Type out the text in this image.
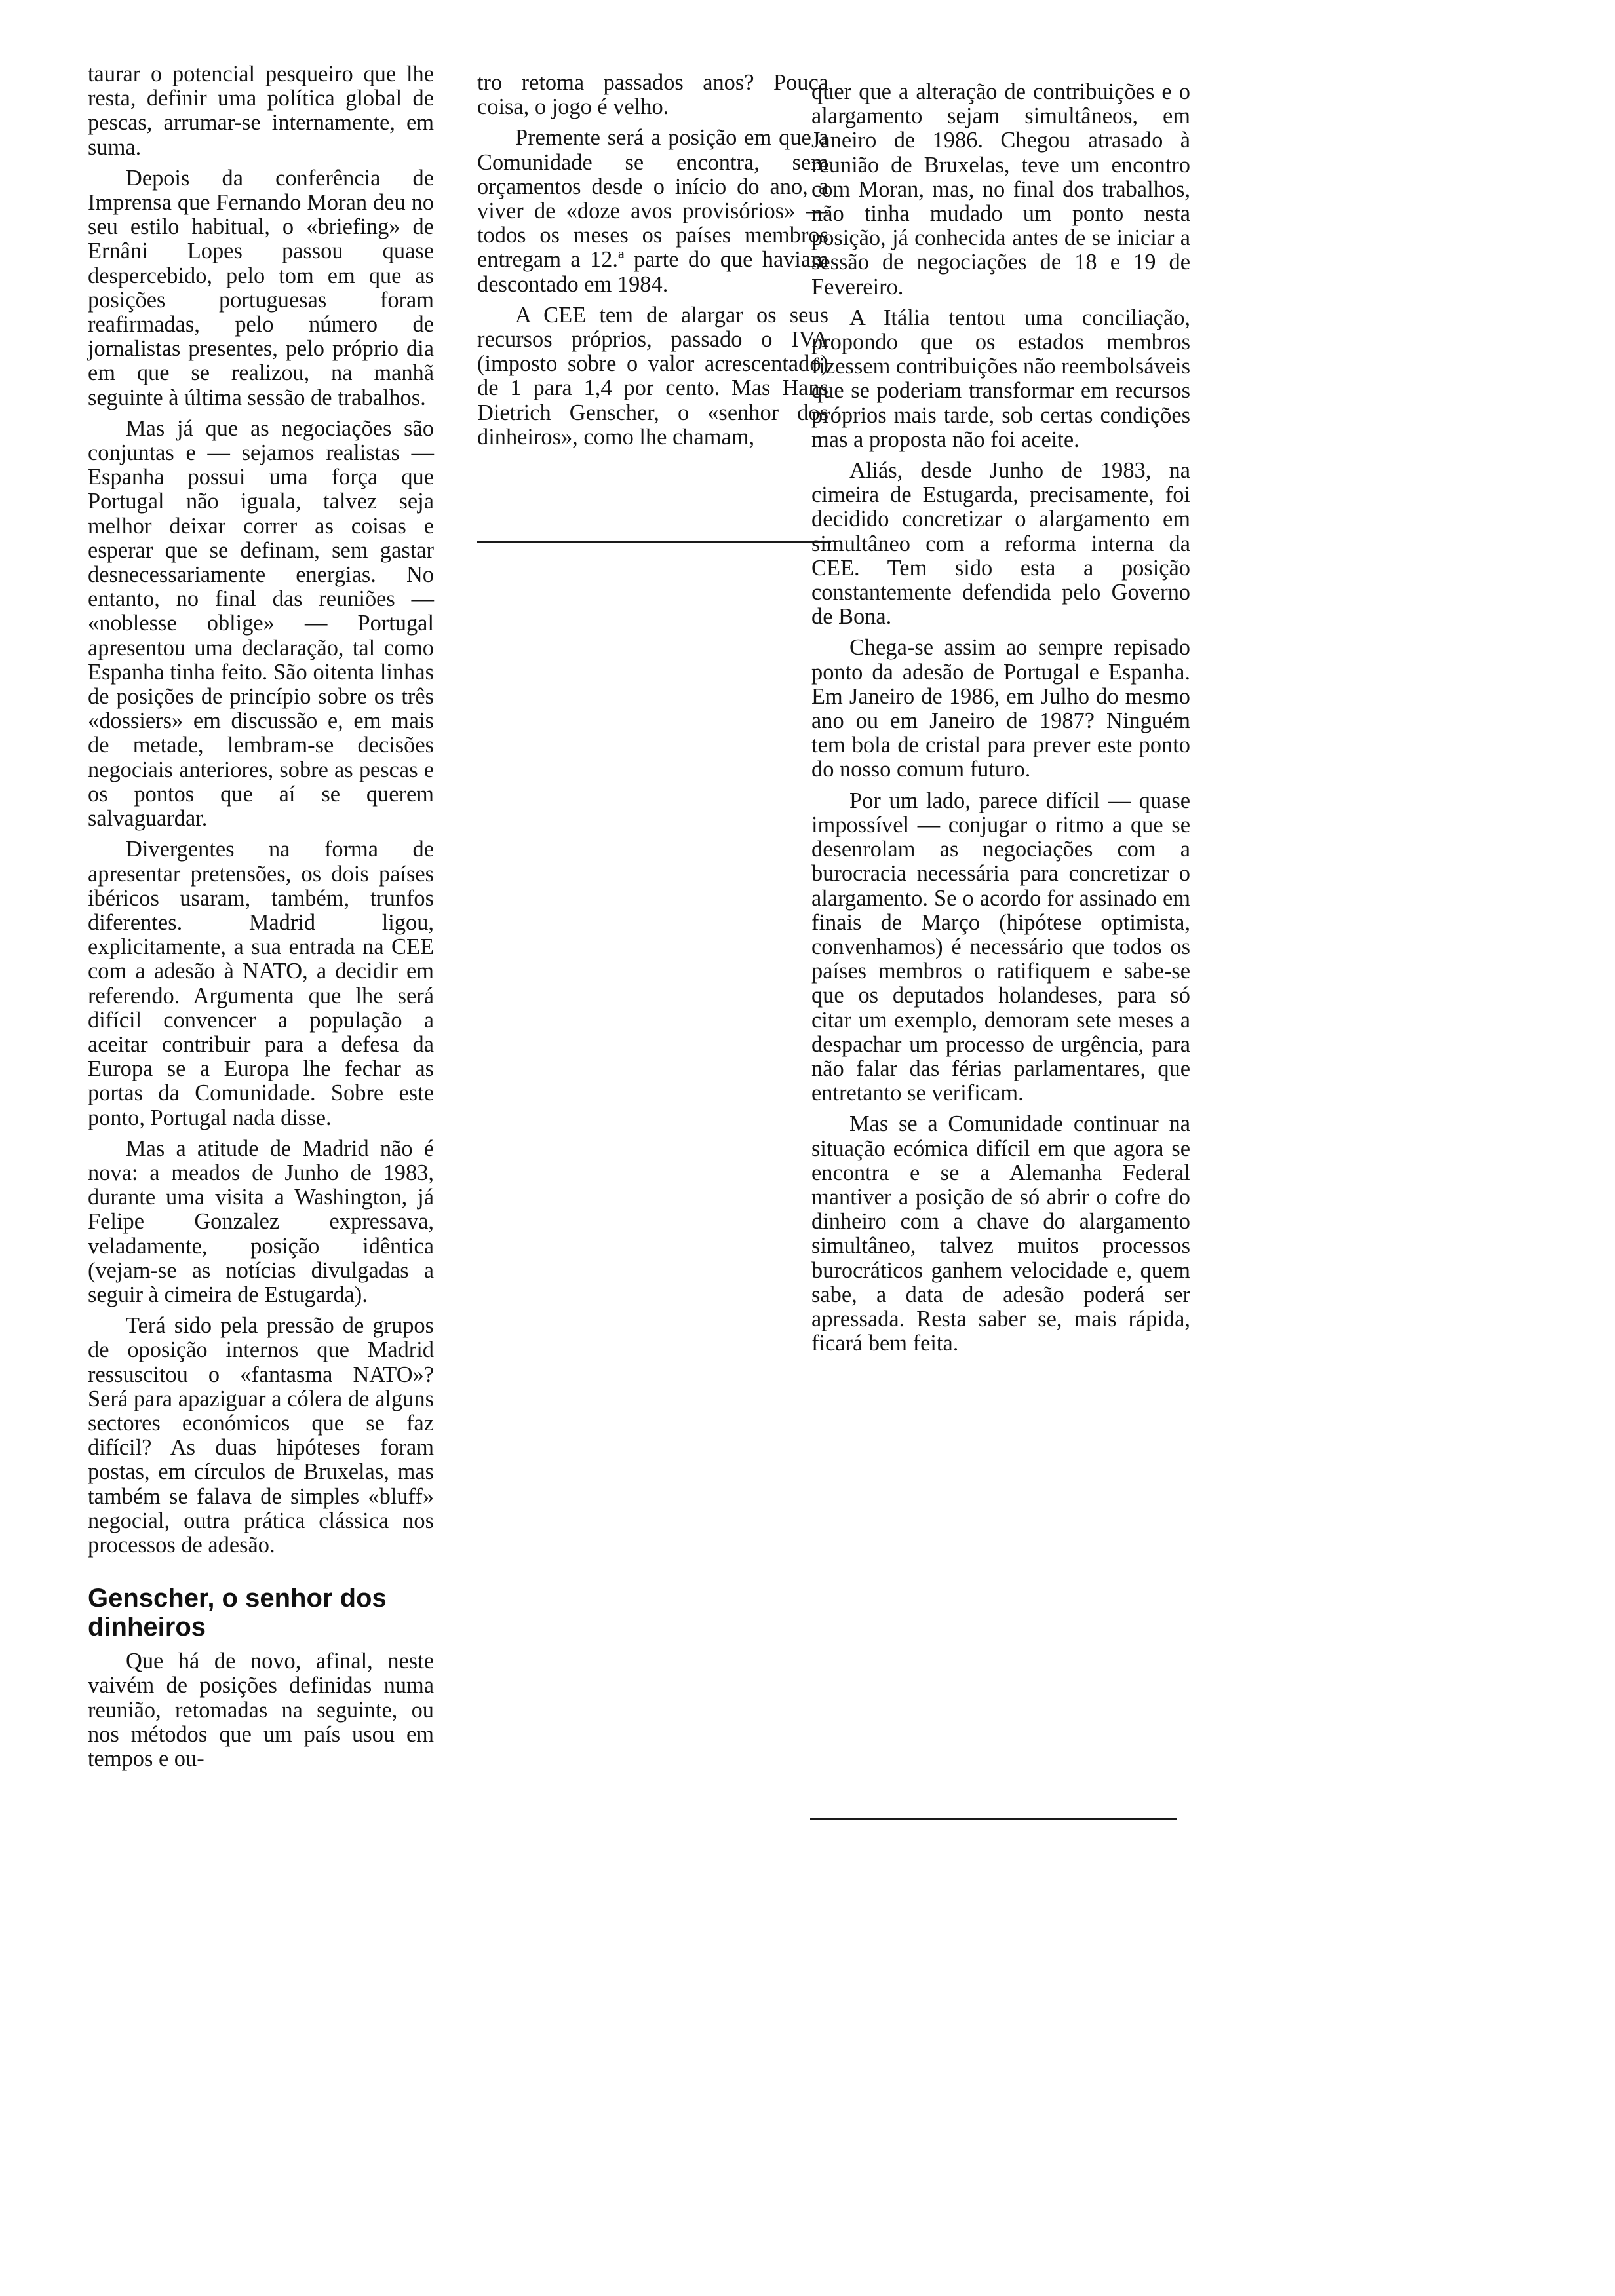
taurar o potencial pesqueiro que lhe resta, definir uma política global de pescas, arrumar-se internamente, em suma.

Depois da conferência de Imprensa que Fernando Moran deu no seu estilo habitual, o «briefing» de Ernâni Lopes passou quase despercebido, pelo tom em que as posições portuguesas foram reafirmadas, pelo número de jornalistas presentes, pelo próprio dia em que se realizou, na manhã seguinte à última sessão de trabalhos.

Mas já que as negociações são conjuntas e — sejamos realistas — Espanha possui uma força que Portugal não iguala, talvez seja melhor deixar correr as coisas e esperar que se definam, sem gastar desnecessariamente energias. No entanto, no final das reuniões — «noblesse oblige» — Portugal apresentou uma declaração, tal como Espanha tinha feito. São oitenta linhas de posições de princípio sobre os três «dossiers» em discussão e, em mais de metade, lembram-se decisões negociais anteriores, sobre as pescas e os pontos que aí se querem salvaguardar.

Divergentes na forma de apresentar pretensões, os dois países ibéricos usaram, também, trunfos diferentes. Madrid ligou, explicitamente, a sua entrada na CEE com a adesão à NATO, a decidir em referendo. Argumenta que lhe será difícil convencer a população a aceitar contribuir para a defesa da Europa se a Europa lhe fechar as portas da Comunidade. Sobre este ponto, Portugal nada disse.

Mas a atitude de Madrid não é nova: a meados de Junho de 1983, durante uma visita a Washington, já Felipe Gonzalez expressava, veladamente, posição idêntica (vejam-se as notícias divulgadas a seguir à cimeira de Estugarda).

Terá sido pela pressão de grupos de oposição internos que Madrid ressuscitou o «fantasma NATO»? Será para apaziguar a cólera de alguns sectores económicos que se faz difícil? As duas hipóteses foram postas, em círculos de Bruxelas, mas também se falava de simples «bluff» negocial, outra prática clássica nos processos de adesão.

Genscher, o senhor dos dinheiros

Que há de novo, afinal, neste vaivém de posições definidas numa reunião, retomadas na seguinte, ou nos métodos que um país usou em tempos e ou-

tro retoma passados anos? Pouca coisa, o jogo é velho.

Premente será a posição em que a Comunidade se encontra, sem orçamentos desde o início do ano, a viver de «doze avos provisórios» — todos os meses os países membros entregam a 12.ª parte do que haviam descontado em 1984.

A CEE tem de alargar os seus recursos próprios, passado o IVA (imposto sobre o valor acrescentado) de 1 para 1,4 por cento. Mas Hans Dietrich Genscher, o «senhor dos dinheiros», como lhe chamam,

quer que a alteração de contribuições e o alargamento sejam simultâneos, em Janeiro de 1986. Chegou atrasado à reunião de Bruxelas, teve um encontro com Moran, mas, no final dos trabalhos, não tinha mudado um ponto nesta posição, já conhecida antes de se iniciar a sessão de negociações de 18 e 19 de Fevereiro.

A Itália tentou uma conciliação, propondo que os estados membros fizessem contribuições não reembolsáveis que se poderiam transformar em recursos próprios mais tarde, sob certas condições mas a proposta não foi aceite.

Aliás, desde Junho de 1983, na cimeira de Estugarda, precisamente, foi decidido concretizar o alargamento em simultâneo com a reforma interna da CEE. Tem sido esta a posição constantemente defendida pelo Governo de Bona.

Chega-se assim ao sempre repisado ponto da adesão de Portugal e Espanha. Em Janeiro de 1986, em Julho do mesmo ano ou em Janeiro de 1987? Ninguém tem bola de cristal para prever este ponto do nosso comum futuro.

Por um lado, parece difícil — quase impossível — conjugar o ritmo a que se desenrolam as negociações com a burocracia necessária para concretizar o alargamento. Se o acordo for assinado em finais de Março (hipótese optimista, convenhamos) é necessário que todos os países membros o ratifiquem e sabe-se que os deputados holandeses, para só citar um exemplo, demoram sete meses a despachar um processo de urgência, para não falar das férias parlamentares, que entretanto se verificam.

Mas se a Comunidade continuar na situação ecómica difícil em que agora se encontra e se a Alemanha Federal mantiver a posição de só abrir o cofre do dinheiro com a chave do alargamento simultâneo, talvez muitos processos burocráticos ganhem velocidade e, quem sabe, a data de adesão poderá ser apressada. Resta saber se, mais rápida, ficará bem feita.
